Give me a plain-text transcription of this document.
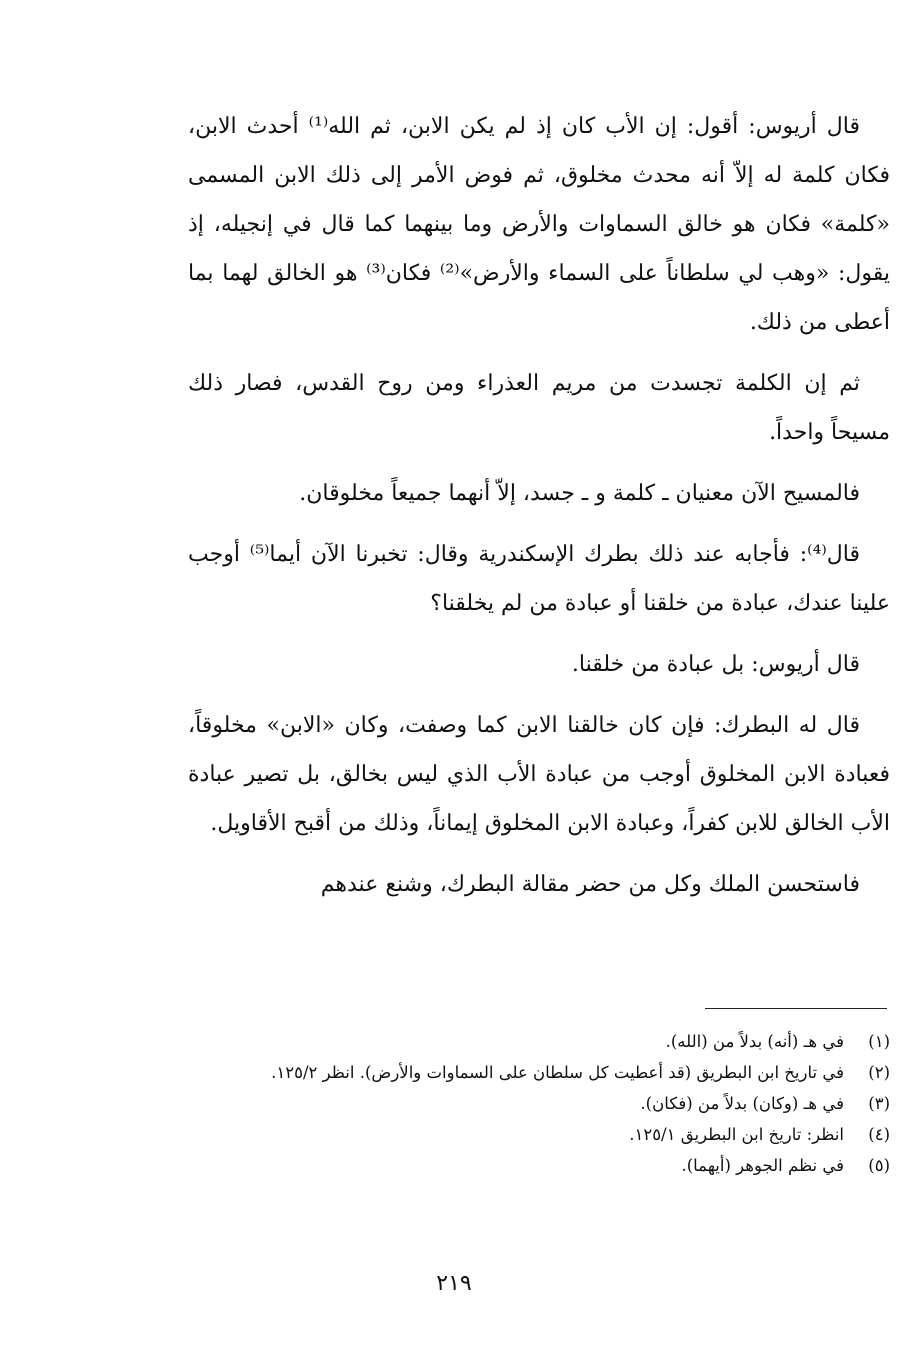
قال أريوس: أقول: إن الأب كان إذ لم يكن الابن، ثم الله⁽¹⁾ أحدث الابن، فكان كلمة له إلاّ أنه محدث مخلوق، ثم فوض الأمر إلى ذلك الابن المسمى «كلمة» فكان هو خالق السماوات والأرض وما بينهما كما قال في إنجيله، إذ يقول: «وهب لي سلطاناً على السماء والأرض»⁽²⁾ فكان⁽³⁾ هو الخالق لهما بما أعطى من ذلك.

ثم إن الكلمة تجسدت من مريم العذراء ومن روح القدس، فصار ذلك مسيحاً واحداً.

فالمسيح الآن معنيان ـ كلمة و ـ جسد، إلاّ أنهما جميعاً مخلوقان.

قال⁽⁴⁾: فأجابه عند ذلك بطرك الإسكندرية وقال: تخبرنا الآن أيما⁽⁵⁾ أوجب علينا عندك، عبادة من خلقنا أو عبادة من لم يخلقنا؟

قال أريوس: بل عبادة من خلقنا.

قال له البطرك: فإن كان خالقنا الابن كما وصفت، وكان «الابن» مخلوقاً، فعبادة الابن المخلوق أوجب من عبادة الأب الذي ليس بخالق، بل تصير عبادة الأب الخالق للابن كفراً، وعبادة الابن المخلوق إيماناً، وذلك من أقبح الأقاويل.

فاستحسن الملك وكل من حضر مقالة البطرك، وشنع عندهم

(١)
في هـ (أنه) بدلاً من (الله).
(٢)
في تاريخ ابن البطريق (قد أعطيت كل سلطان على السماوات والأرض). انظر ١٢٥/٢.
(٣)
في هـ (وكان) بدلاً من (فكان).
(٤)
انظر: تاريخ ابن البطريق ١٢٥/١.
(٥)
في نظم الجوهر (أيهما).
٢١٩
